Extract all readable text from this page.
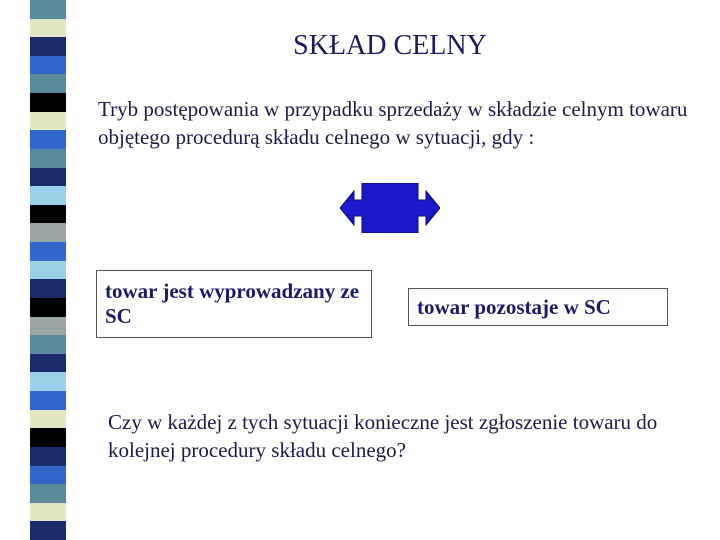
SKŁAD CELNY
Tryb postępowania w przypadku sprzedaży w składzie celnym towaru objętego procedurą składu celnego w sytuacji, gdy :
towar jest wyprowadzany ze SC	towar pozostaje w SC
Czy w każdej z tych sytuacji konieczne jest zgłoszenie towaru do kolejnej procedury składu celnego?
